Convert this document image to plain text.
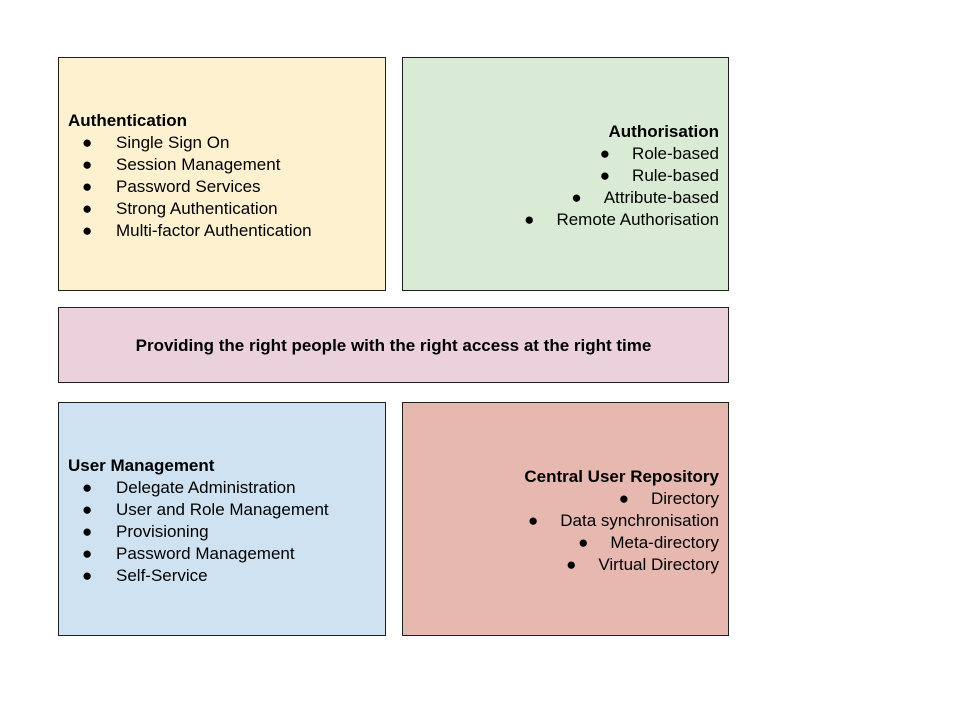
Authentication
●	Single Sign On
●	Session Management
●	Password Services
●	Strong Authentication
●	Multi-factor Authentication
Authorisation
● Role-based
● Rule-based
● Attribute-based
● Remote Authorisation
Providing the right people with the right access at the right time
User Management
●	Delegate Administration
●	User and Role Management
●	Provisioning
●	Password Management
●	Self-Service
Central User Repository
● Directory
● Data synchronisation
● Meta-directory
● Virtual Directory
